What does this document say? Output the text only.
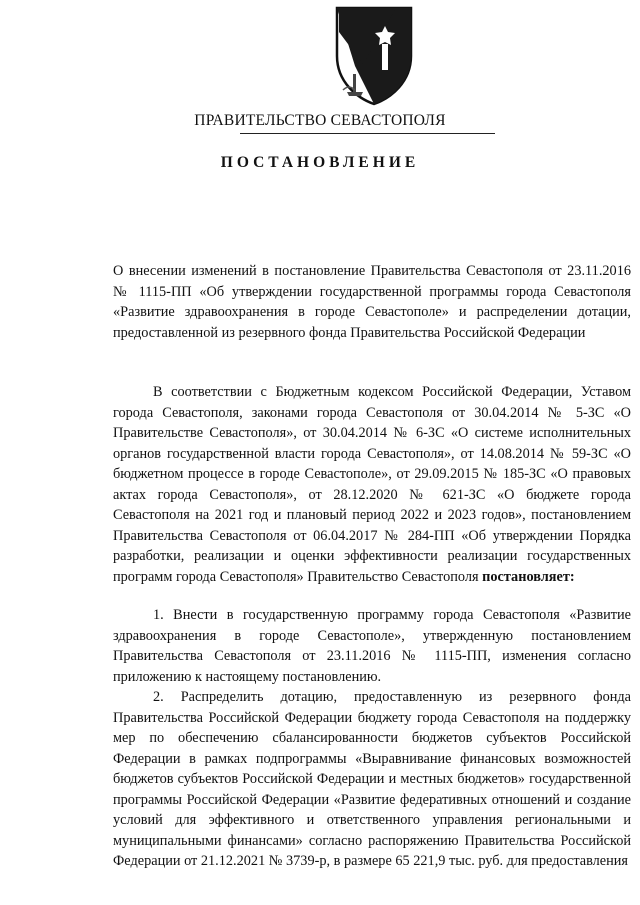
ПРАВИТЕЛЬСТВО СЕВАСТОПОЛЯ
ПОСТАНОВЛЕНИЕ
О внесении изменений в постановление Правительства Севастополя от 23.11.2016 № 1115-ПП «Об утверждении государственной программы города Севастополя «Развитие здравоохранения в городе Севастополе» и распределении дотации, предоставленной из резервного фонда Правительства Российской Федерации

В соответствии с Бюджетным кодексом Российской Федерации, Уставом города Севастополя, законами города Севастополя от 30.04.2014 № 5-ЗС «О Правительстве Севастополя», от 30.04.2014 № 6-ЗС «О системе исполнительных органов государственной власти города Севастополя», от 14.08.2014 № 59-ЗС «О бюджетном процессе в городе Севастополе», от 29.09.2015 № 185-ЗС «О правовых актах города Севастополя», от 28.12.2020 № 621-ЗС «О бюджете города Севастополя на 2021 год и плановый период 2022 и 2023 годов», постановлением Правительства Севастополя от 06.04.2017 № 284-ПП «Об утверждении Порядка разработки, реализации и оценки эффективности реализации государственных программ города Севастополя» Правительство Севастополя постановляет:

1. Внести в государственную программу города Севастополя «Развитие здравоохранения в городе Севастополе», утвержденную постановлением Правительства Севастополя от 23.11.2016 № 1115-ПП, изменения согласно приложению к настоящему постановлению.

2. Распределить дотацию, предоставленную из резервного фонда Правительства Российской Федерации бюджету города Севастополя на поддержку мер по обеспечению сбалансированности бюджетов субъектов Российской Федерации в рамках подпрограммы «Выравнивание финансовых возможностей бюджетов субъектов Российской Федерации и местных бюджетов» государственной программы Российской Федерации «Развитие федеративных отношений и создание условий для эффективного и ответственного управления региональными и муниципальными финансами» согласно распоряжению Правительства Российской Федерации от 21.12.2021 № 3739-р, в размере 65 221,9 тыс. руб. для предоставления
